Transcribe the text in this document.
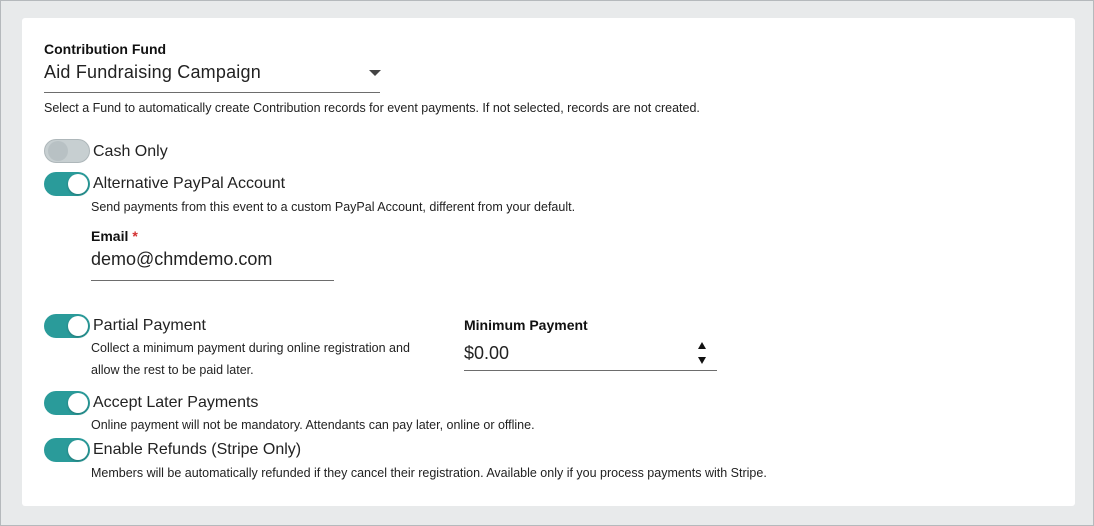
Contribution Fund
Aid Fundraising Campaign
Select a Fund to automatically create Contribution records for event payments. If not selected, records are not created.
Cash Only
Alternative PayPal Account
Send payments from this event to a custom PayPal Account, different from your default.
Email *
demo@chmdemo.com
Partial Payment
Collect a minimum payment during online registration and
allow the rest to be paid later.
Minimum Payment
$0.00
Accept Later Payments
Online payment will not be mandatory. Attendants can pay later, online or offline.
Enable Refunds (Stripe Only)
Members will be automatically refunded if they cancel their registration. Available only if you process payments with Stripe.
